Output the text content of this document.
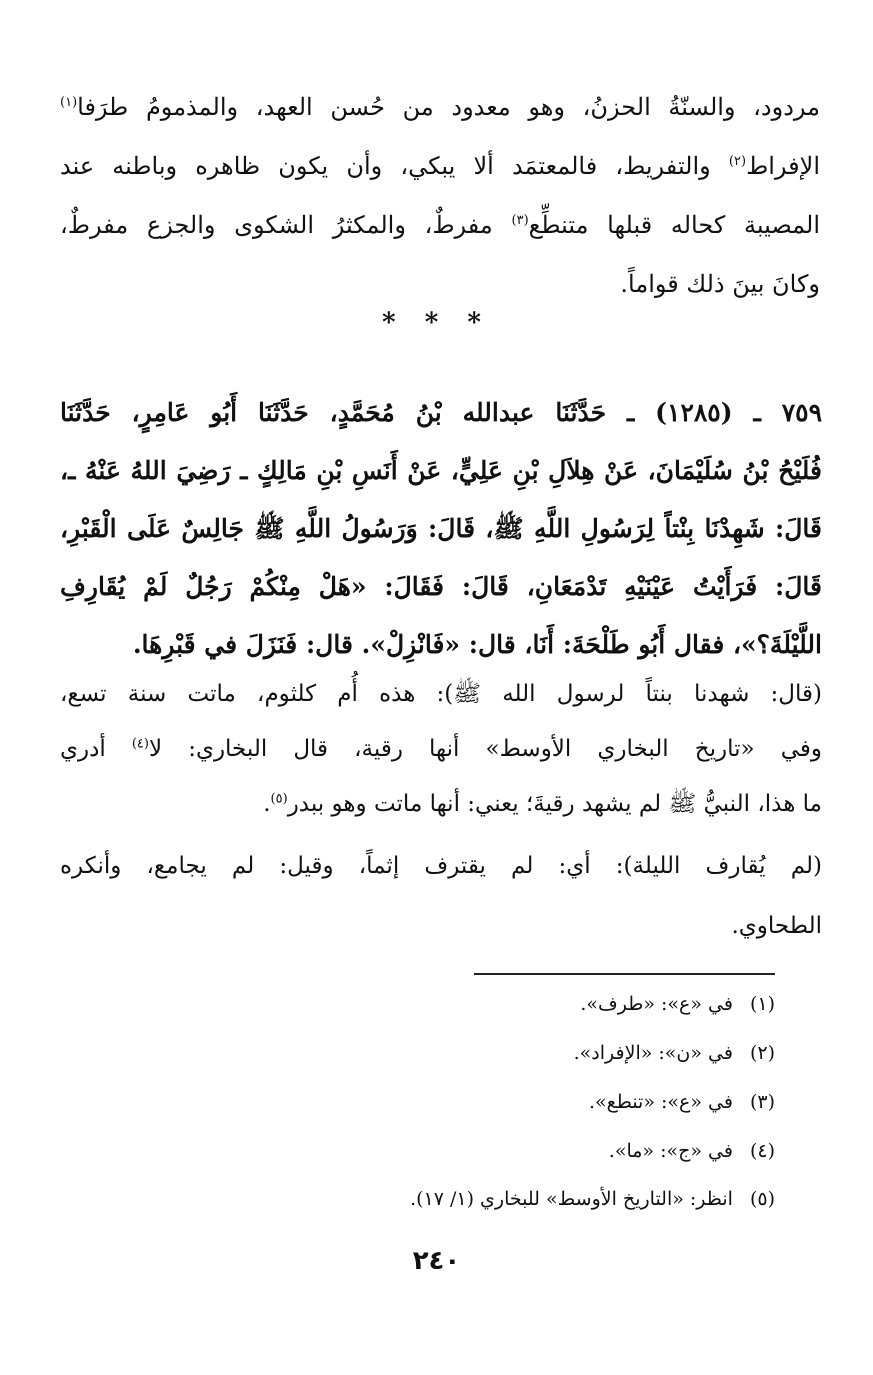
مردود، والسنّةُ الحزنُ، وهو معدود من حُسن العهد، والمذمومُ طرَفا$^{(١)}$
الإفراط$^{(٢)}$ والتفريط، فالمعتمَد ألا يبكي، وأن يكون ظاهره وباطنه عند
المصيبة كحاله قبلها متنطِّع$^{(٣)}$ مفرطٌ، والمكثرُ الشكوى والجزع مفرطٌ،
وكانَ بينَ ذلك قواماً.
* * *
٧٥٩ ـ (١٢٨٥) ـ حَدَّثَنَا عبدالله بْنُ مُحَمَّدٍ، حَدَّثَنَا أَبُو عَامِرٍ، حَدَّثَنَا
فُلَيْحُ بْنُ سُلَيْمَانَ، عَنْ هِلاَلِ بْنِ عَلِيٍّ، عَنْ أَنَسِ بْنِ مَالِكٍ ـ رَضِيَ اللهُ عَنْهُ ـ،
قَالَ: شَهِدْنَا بِنْتاً لِرَسُولِ اللَّهِ ﷺ، قَالَ: وَرَسُولُ اللَّهِ ﷺ جَالِسٌ عَلَى الْقَبْرِ،
قَالَ: فَرَأَيْتُ عَيْنَيْهِ تَدْمَعَانِ، قَالَ: فَقَالَ: «هَلْ مِنْكُمْ رَجُلٌ لَمْ يُقَارِفِ
اللَّيْلَةَ؟»، فقال أَبُو طَلْحَةَ: أَنَا، قال: «فَانْزِلْ». قال: فَنَزَلَ في قَبْرِهَا.
(قال: شهدنا بنتاً لرسول الله ﷺ): هذه أُم كلثوم، ماتت سنة تسع،
وفي «تاريخ البخاري الأوسط» أنها رقية، قال البخاري: لا$^{(٤)}$ أدري
ما هذا، النبيُّ ﷺ لم يشهد رقيةَ؛ يعني: أنها ماتت وهو ببدر$^{(٥)}$.
(لم يُقارف الليلة): أي: لم يقترف إثماً، وقيل: لم يجامع، وأنكره
الطحاوي.
(١) في «ع»: «طرف».
(٢) في «ن»: «الإفراد».
(٣) في «ع»: «تنطع».
(٤) في «ج»: «ما».
(٥) انظر: «التاريخ الأوسط» للبخاري (١/ ١٧).
٢٤٠
